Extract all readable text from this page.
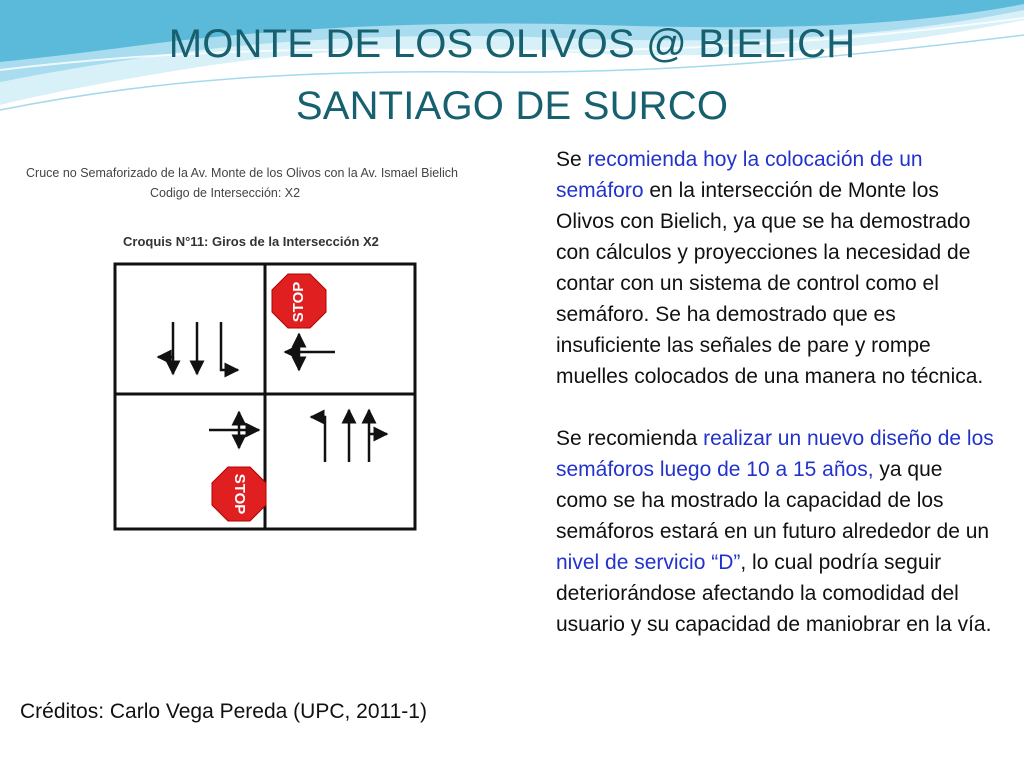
MONTE DE LOS OLIVOS @ BIELICH
SANTIAGO DE SURCO
Cruce no Semaforizado de la Av. Monte de los Olivos con la Av. Ismael Bielich
Codigo de Intersección: X2
Croquis N°11: Giros de la Intersección X2
STOP
STOP

Se recomienda hoy la colocación de un semáforo en la intersección de Monte los Olivos con Bielich, ya que se ha demostrado con cálculos y proyecciones la necesidad de contar con un sistema de control como el semáforo. Se ha demostrado que es insuficiente las señales de pare y rompe muelles colocados de una manera no técnica.

Se recomienda realizar un nuevo diseño de los semáforos luego de 10 a 15 años, ya que como se ha mostrado la capacidad de los semáforos estará en un futuro alrededor de un nivel de servicio “D”, lo cual podría seguir deteriorándose afectando la comodidad del usuario y su capacidad de maniobrar en la vía.

Créditos: Carlo Vega Pereda (UPC, 2011-1)
